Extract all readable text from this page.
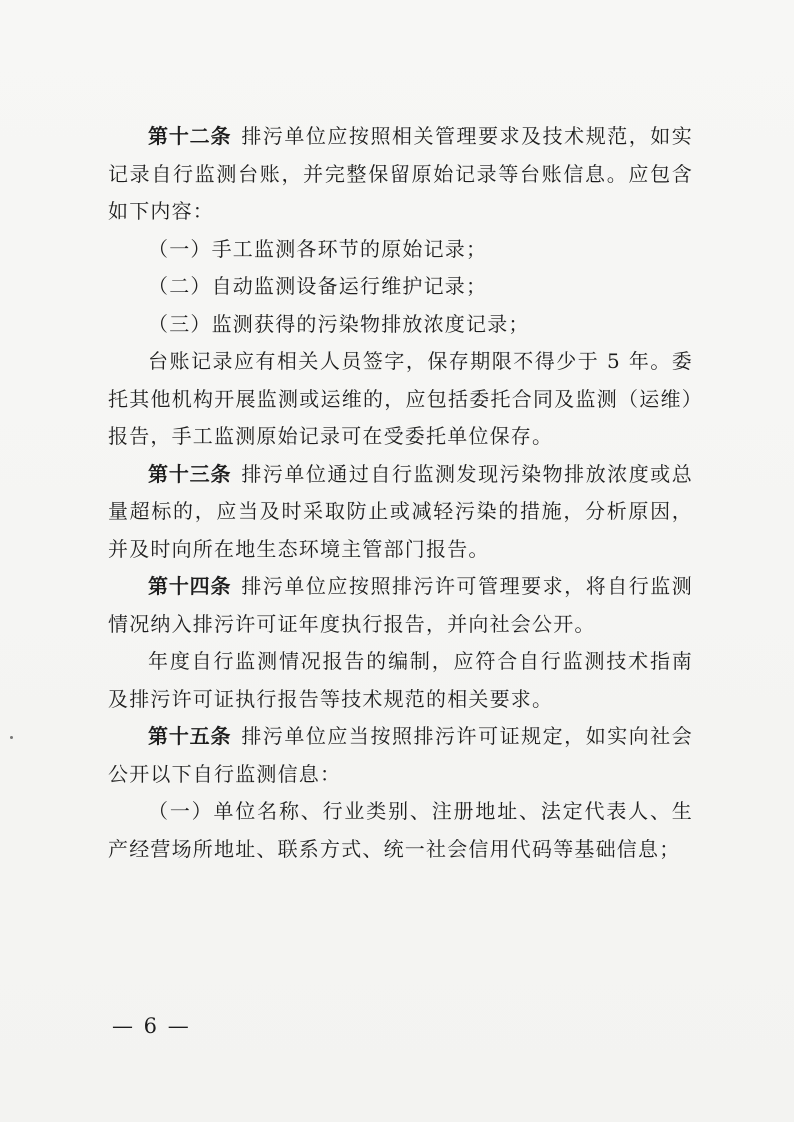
第十二条 排污单位应按照相关管理要求及技术规范，如实记录自行监测台账，并完整保留原始记录等台账信息。应包含如下内容：

（一）手工监测各环节的原始记录；

（二）自动监测设备运行维护记录；

（三）监测获得的污染物排放浓度记录；

台账记录应有相关人员签字，保存期限不得少于 5 年。委托其他机构开展监测或运维的，应包括委托合同及监测（运维）报告，手工监测原始记录可在受委托单位保存。

第十三条 排污单位通过自行监测发现污染物排放浓度或总量超标的，应当及时采取防止或减轻污染的措施，分析原因，并及时向所在地生态环境主管部门报告。

第十四条 排污单位应按照排污许可管理要求，将自行监测情况纳入排污许可证年度执行报告，并向社会公开。

年度自行监测情况报告的编制，应符合自行监测技术指南及排污许可证执行报告等技术规范的相关要求。

第十五条 排污单位应当按照排污许可证规定，如实向社会公开以下自行监测信息：

（一）单位名称、行业类别、注册地址、法定代表人、生产经营场所地址、联系方式、统一社会信用代码等基础信息；

— 6 —
